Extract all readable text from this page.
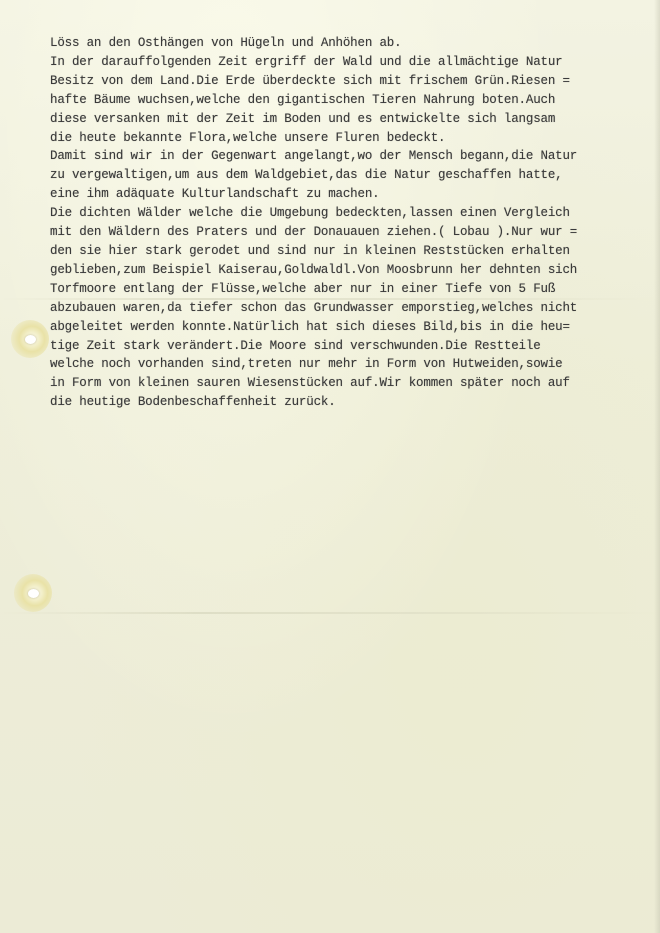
Löss an den Osthängen von Hügeln und Anhöhen ab.
In der darauffolgenden Zeit ergriff der Wald und die allmächtige Natur
Besitz von dem Land.Die Erde überdeckte sich mit frischem Grün.Riesen =
hafte Bäume wuchsen,welche den gigantischen Tieren Nahrung boten.Auch
diese versanken mit der Zeit im Boden und es entwickelte sich langsam
die heute bekannte Flora,welche unsere Fluren bedeckt.
Damit sind wir in der Gegenwart angelangt,wo der Mensch begann,die Natur
zu vergewaltigen,um aus dem Waldgebiet,das die Natur geschaffen hatte,
eine ihm adäquate Kulturlandschaft zu machen.
Die dichten Wälder welche die Umgebung bedeckten,lassen einen Vergleich
mit den Wäldern des Praters und der Donauauen ziehen.( Lobau ).Nur wur =
den sie hier stark gerodet und sind nur in kleinen Reststücken erhalten
geblieben,zum Beispiel Kaiserau,Goldwaldl.Von Moosbrunn her dehnten sich
Torfmoore entlang der Flüsse,welche aber nur in einer Tiefe von 5 Fuß
abzubauen waren,da tiefer schon das Grundwasser emporstieg,welches nicht
abgeleitet werden konnte.Natürlich hat sich dieses Bild,bis in die heu=
tige Zeit stark verändert.Die Moore sind verschwunden.Die Restteile
welche noch vorhanden sind,treten nur mehr in Form von Hutweiden,sowie
in Form von kleinen sauren Wiesenstücken auf.Wir kommen später noch auf
die heutige Bodenbeschaffenheit zurück.
